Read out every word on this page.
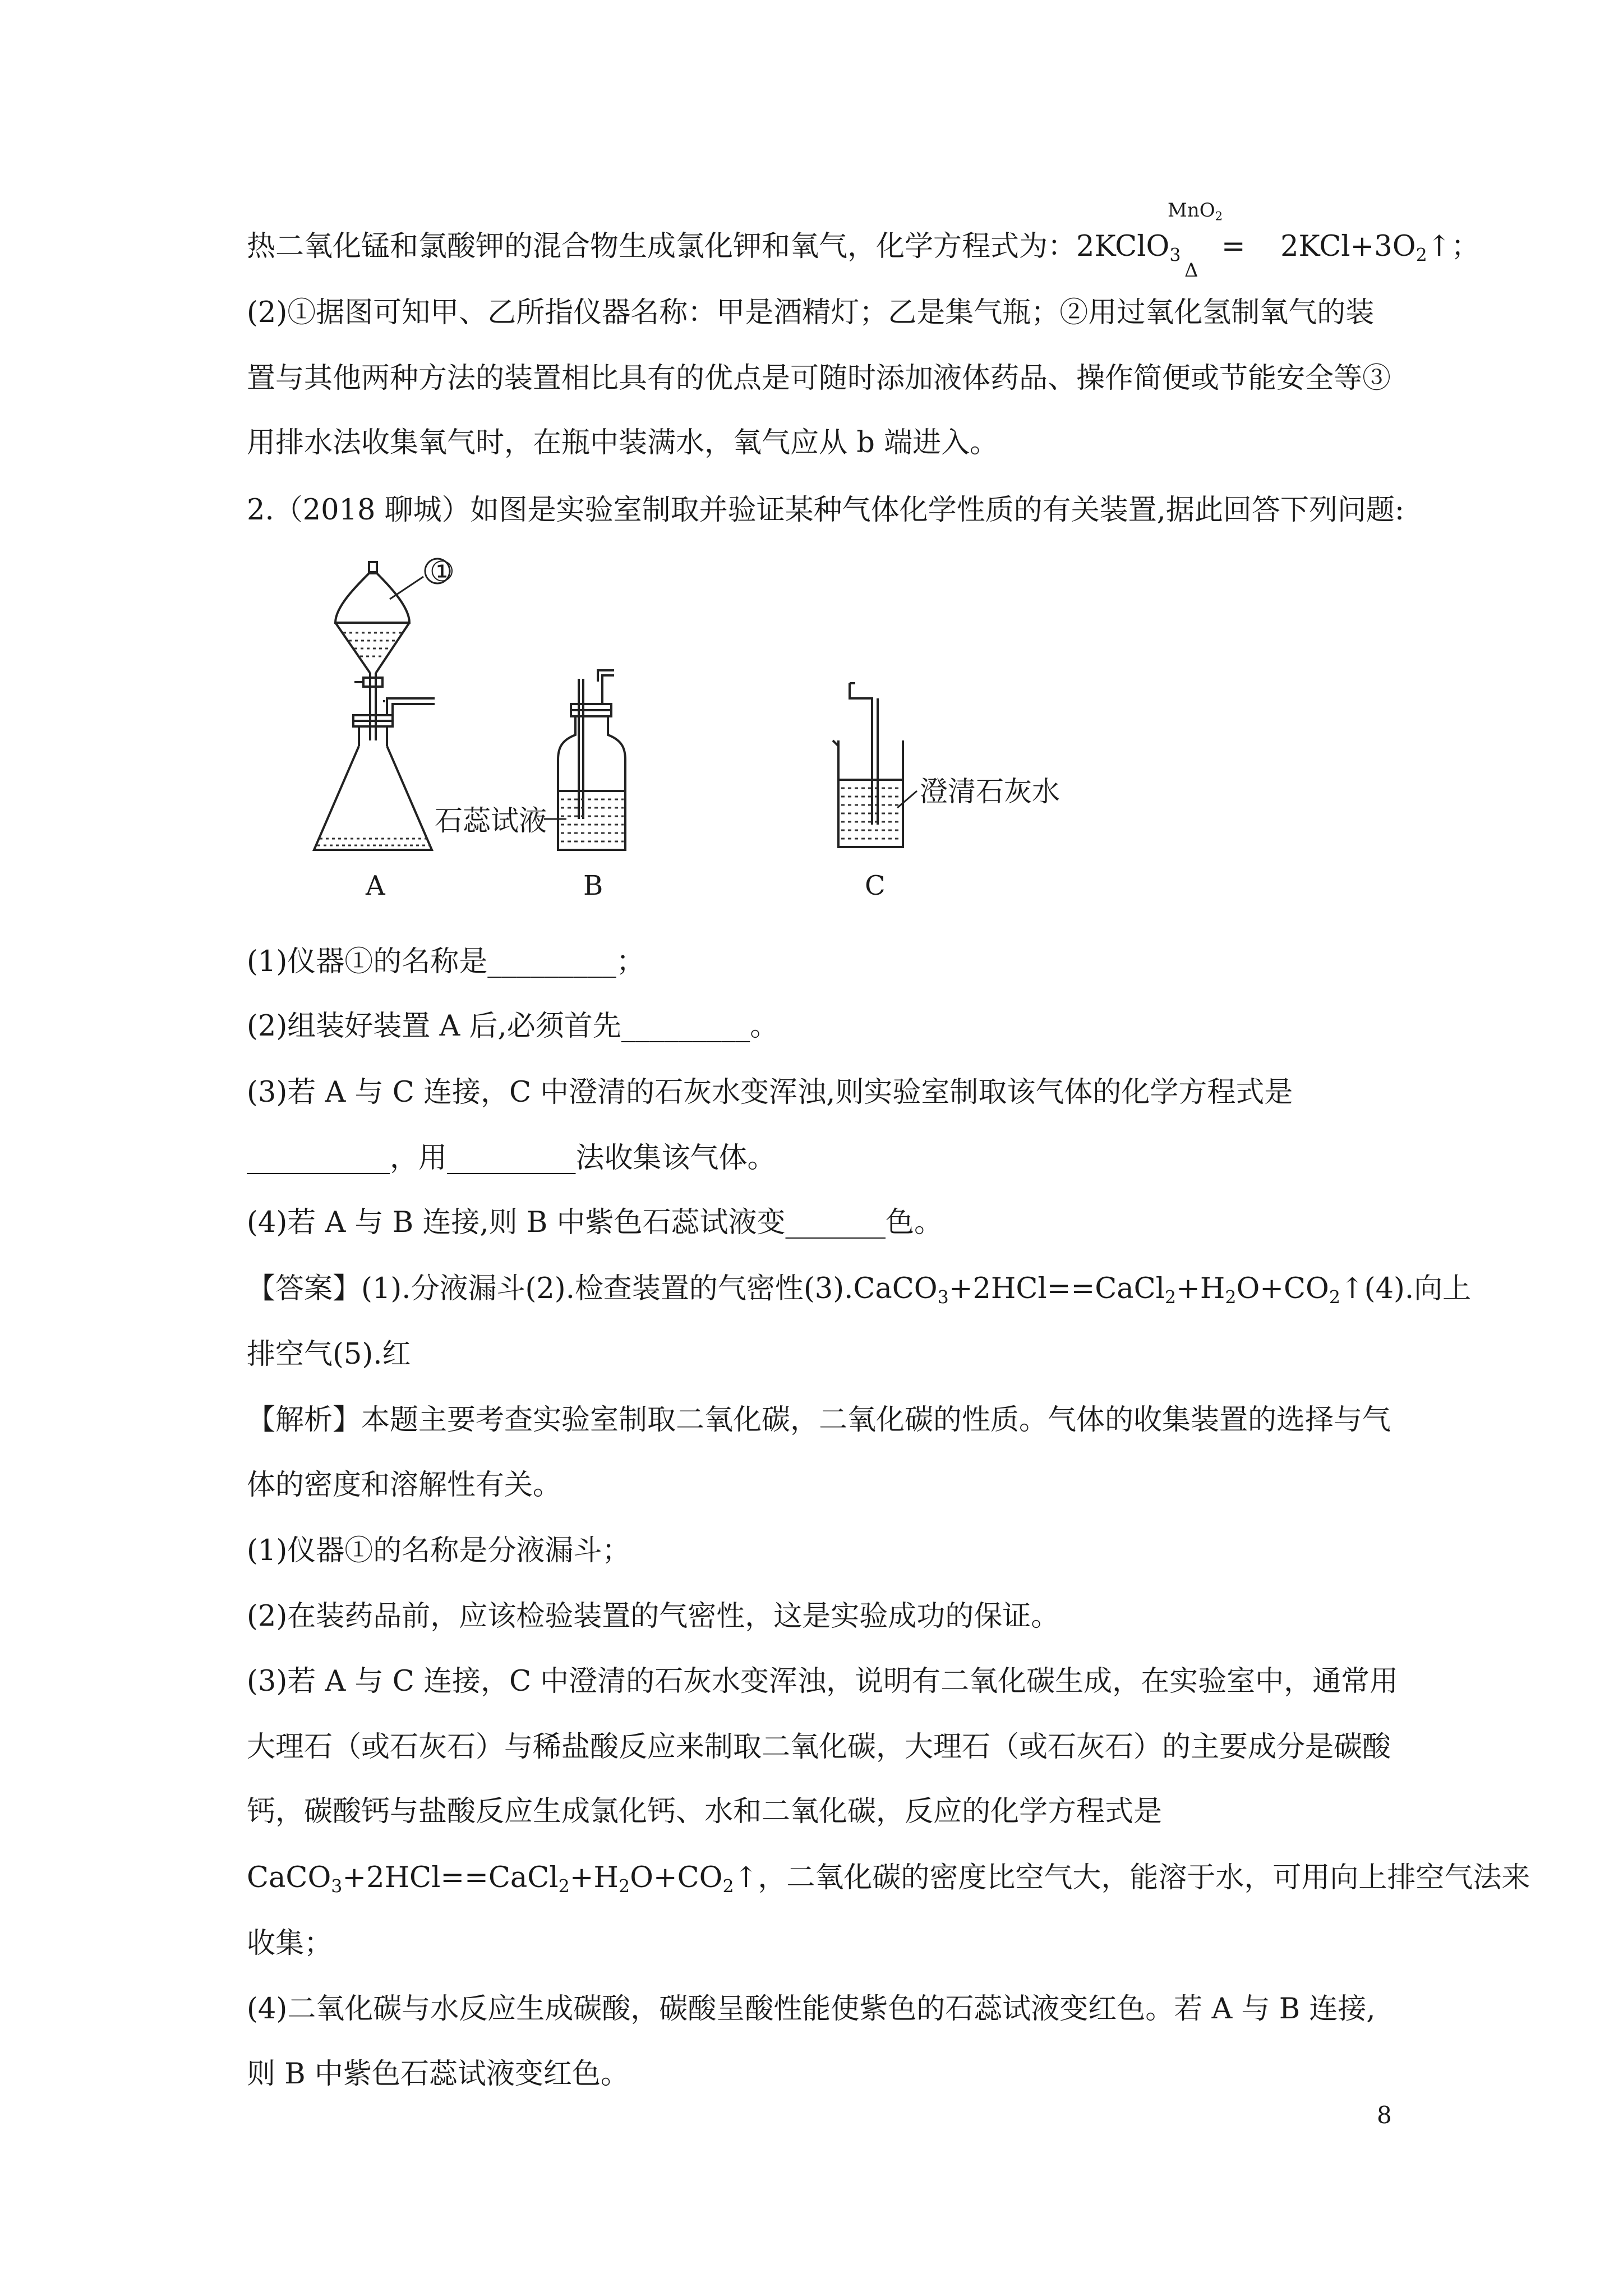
热二氧化锰和氯酸钾的混合物生成氯化钾和氧气，化学方程式为：2KClO$_3$ = $2KCl+3O_2↑$；
MnO$_2$
Δ
(2)①据图可知甲、乙所指仪器名称：甲是酒精灯；乙是集气瓶；②用过氧化氢制氧气的装
置与其他两种方法的装置相比具有的优点是可随时添加液体药品、操作简便或节能安全等③
用排水法收集氧气时，在瓶中装满水，氧气应从 b 端进入。
2.（2018 聊城）如图是实验室制取并验证某种气体化学性质的有关装置,据此回答下列问题:
①
石蕊试液
澄清石灰水
A	B	C
(1)仪器①的名称是_________；
(2)组装好装置 A 后,必须首先_________。
(3)若 A 与 C 连接，C 中澄清的石灰水变浑浊,则实验室制取该气体的化学方程式是
__________，用_________法收集该气体。
(4)若 A 与 B 连接,则 B 中紫色石蕊试液变_______色。
【答案】(1).分液漏斗(2).检查装置的气密性$(3).CaCO_3+2HCl==CaCl_2+H_2O+CO_2↑(4)$.向上
排空气(5).红
【解析】本题主要考查实验室制取二氧化碳，二氧化碳的性质。气体的收集装置的选择与气
体的密度和溶解性有关。
(1)仪器①的名称是分液漏斗；
(2)在装药品前，应该检验装置的气密性，这是实验成功的保证。
(3)若 A 与 C 连接，C 中澄清的石灰水变浑浊，说明有二氧化碳生成，在实验室中，通常用
大理石（或石灰石）与稀盐酸反应来制取二氧化碳，大理石（或石灰石）的主要成分是碳酸
钙，碳酸钙与盐酸反应生成氯化钙、水和二氧化碳，反应的化学方程式是
$CaCO_3+2HCl==CaCl_2+H_2O+CO_2↑$，二氧化碳的密度比空气大，能溶于水，可用向上排空气法来
收集；
(4)二氧化碳与水反应生成碳酸，碳酸呈酸性能使紫色的石蕊试液变红色。若 A 与 B 连接,
则 B 中紫色石蕊试液变红色。
8
